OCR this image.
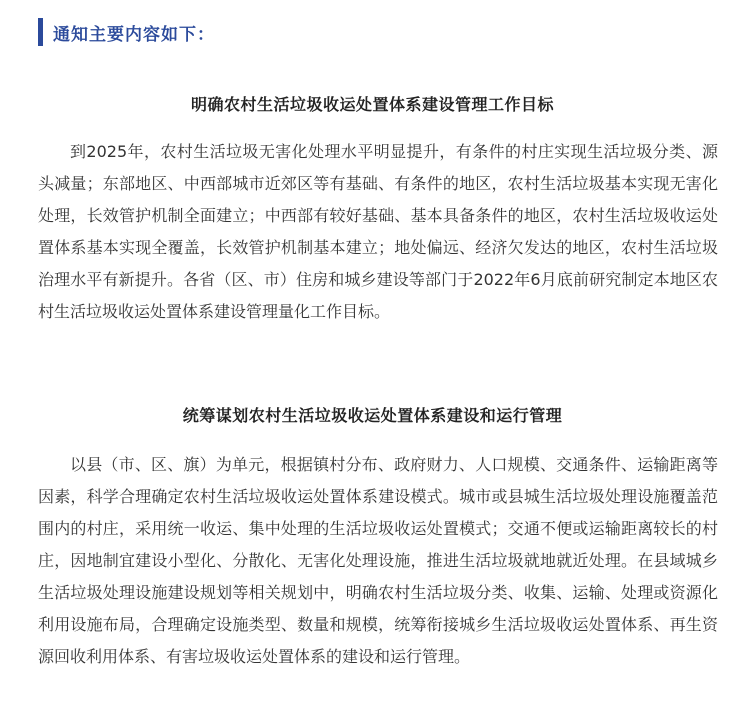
通知主要内容如下：
明确农村生活垃圾收运处置体系建设管理工作目标

到2025年，农村生活垃圾无害化处理水平明显提升，有条件的村庄实现生活垃圾分类、源头减量；东部地区、中西部城市近郊区等有基础、有条件的地区，农村生活垃圾基本实现无害化处理，长效管护机制全面建立；中西部有较好基础、基本具备条件的地区，农村生活垃圾收运处置体系基本实现全覆盖，长效管护机制基本建立；地处偏远、经济欠发达的地区，农村生活垃圾治理水平有新提升。各省（区、市）住房和城乡建设等部门于2022年6月底前研究制定本地区农村生活垃圾收运处置体系建设管理量化工作目标。

统筹谋划农村生活垃圾收运处置体系建设和运行管理

以县（市、区、旗）为单元，根据镇村分布、政府财力、人口规模、交通条件、运输距离等因素，科学合理确定农村生活垃圾收运处置体系建设模式。城市或县城生活垃圾处理设施覆盖范围内的村庄，采用统一收运、集中处理的生活垃圾收运处置模式；交通不便或运输距离较长的村庄，因地制宜建设小型化、分散化、无害化处理设施，推进生活垃圾就地就近处理。在县域城乡生活垃圾处理设施建设规划等相关规划中，明确农村生活垃圾分类、收集、运输、处理或资源化利用设施布局，合理确定设施类型、数量和规模，统筹衔接城乡生活垃圾收运处置体系、再生资源回收利用体系、有害垃圾收运处置体系的建设和运行管理。
